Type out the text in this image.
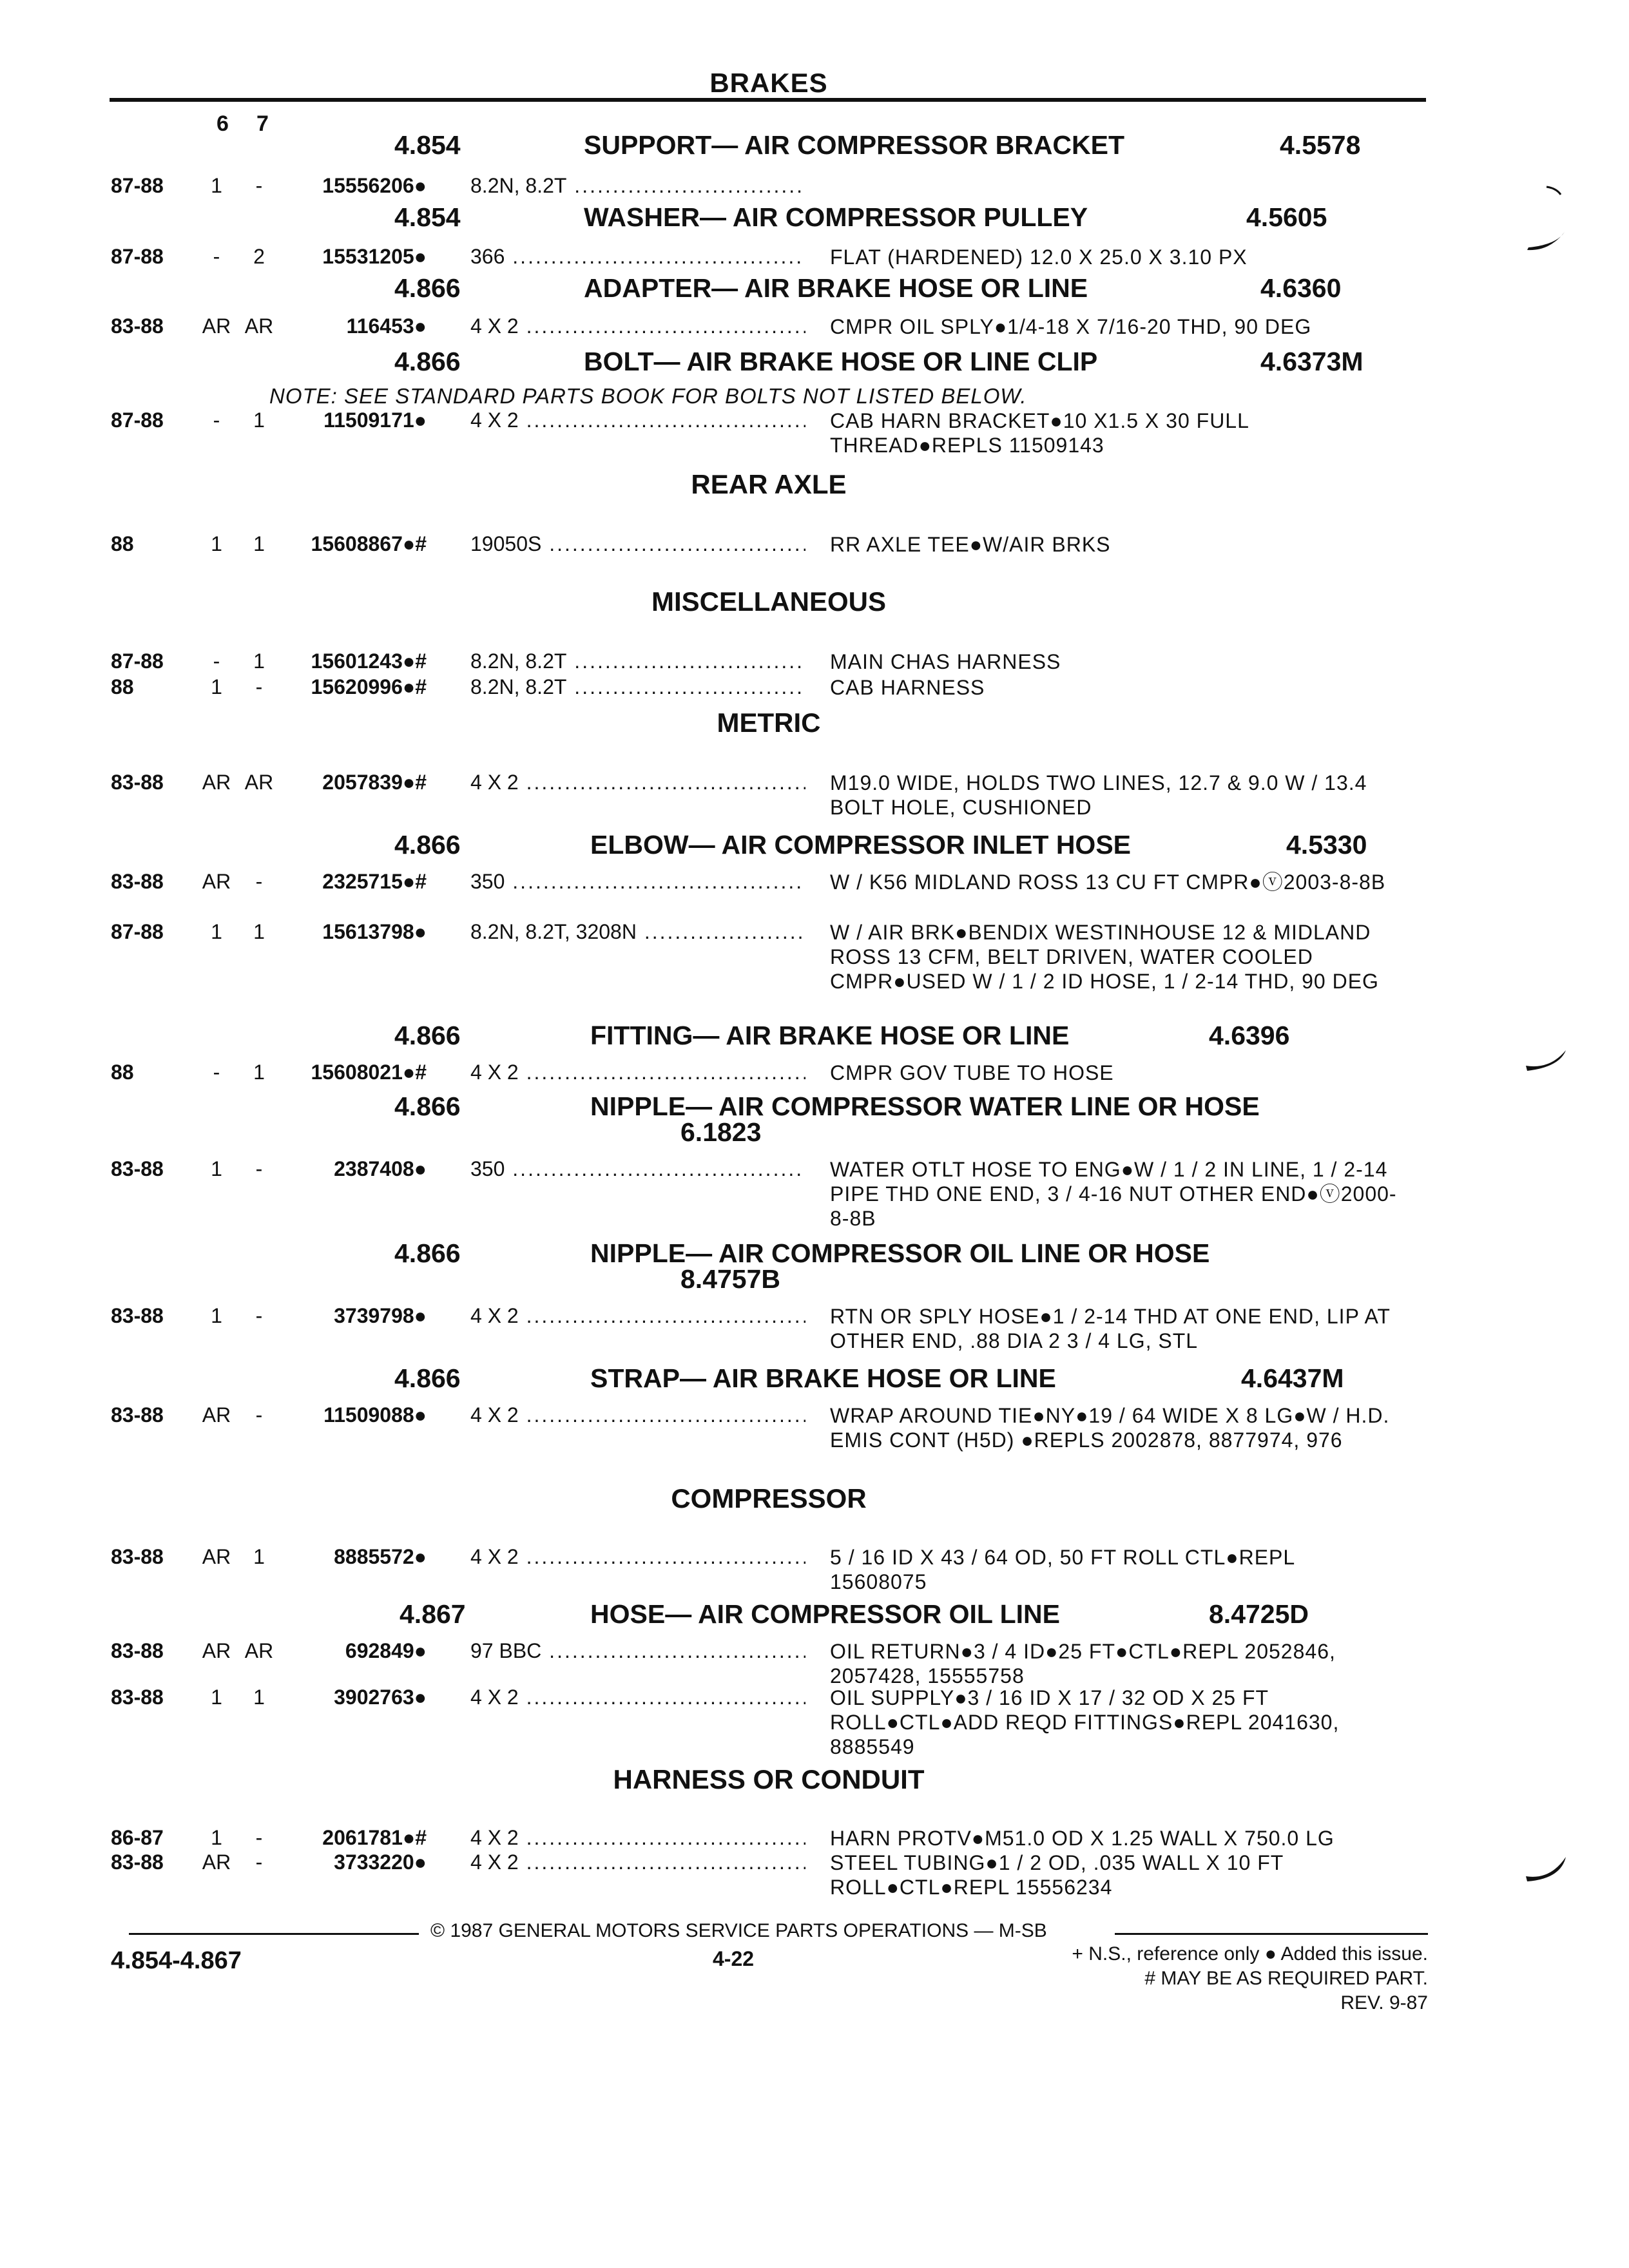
BRAKES
6 7
4.854	SUPPORT— AIR COMPRESSOR BRACKET	4.5578
87-88	1	-	15556206● 8.2N, 8.2T .....
4.854	WASHER— AIR COMPRESSOR PULLEY	4.5605
87-88	-	2	15531205● 366 .....	FLAT (HARDENED) 12.0 X 25.0 X 3.10 PX
4.866	ADAPTER— AIR BRAKE HOSE OR LINE	4.6360
83-88 AR AR	116453● 4 X 2 .....	CMPR OIL SPLY●1/4-18 X 7/16-20 THD, 90 DEG
4.866	BOLT— AIR BRAKE HOSE OR LINE CLIP	4.6373M
NOTE: SEE STANDARD PARTS BOOK FOR BOLTS NOT LISTED BELOW.
87-88	-	1	11509171● 4 X 2 .....	CAB HARN BRACKET●10 X1.5 X 30 FULL THREAD●REPLS 11509143
REAR AXLE
88	1	1	15608867●# 19050S .....	RR AXLE TEE●W/AIR BRKS
MISCELLANEOUS
87-88	-	1	15601243●# 8.2N, 8.2T .....	MAIN CHAS HARNESS
88	1	-	15620996●# 8.2N, 8.2T .....	CAB HARNESS
METRIC
83-88 AR AR	2057839●# 4 X 2 .....	M19.0 WIDE, HOLDS TWO LINES, 12.7 & 9.0 W / 13.4 BOLT HOLE, CUSHIONED
4.866	ELBOW— AIR COMPRESSOR INLET HOSE	4.5330
83-88 AR	-	2325715●# 350 .....	W / K56 MIDLAND ROSS 13 CU FT CMPR●ⓥ2003-8-8B
87-88	1	1	15613798● 8.2N, 8.2T, 3208N .....	W / AIR BRK●BENDIX WESTINHOUSE 12 & MIDLAND ROSS 13 CFM, BELT DRIVEN, WATER COOLED CMPR●USED W / 1 / 2 ID HOSE, 1 / 2-14 THD, 90 DEG
4.866	FITTING— AIR BRAKE HOSE OR LINE	4.6396
88	-	1	15608021●# 4 X 2 .....	CMPR GOV TUBE TO HOSE
4.866	NIPPLE— AIR COMPRESSOR WATER LINE OR HOSE
6.1823
83-88	1	-	2387408● 350 .....	WATER OTLT HOSE TO ENG●W / 1 / 2 IN LINE, 1 / 2-14 PIPE THD ONE END, 3 / 4-16 NUT OTHER END●ⓥ2000-8-8B
4.866	NIPPLE— AIR COMPRESSOR OIL LINE OR HOSE
8.4757B
83-88	1	-	3739798● 4 X 2 .....	RTN OR SPLY HOSE●1 / 2-14 THD AT ONE END, LIP AT OTHER END, .88 DIA 2 3 / 4 LG, STL
4.866	STRAP— AIR BRAKE HOSE OR LINE	4.6437M
83-88 AR	-	11509088● 4 X 2 .....	WRAP AROUND TIE●NY●19 / 64 WIDE X 8 LG●W / H.D. EMIS CONT (H5D) ●REPLS 2002878, 8877974, 976
COMPRESSOR
83-88 AR	1	8885572● 4 X 2 .....	5 / 16 ID X 43 / 64 OD, 50 FT ROLL CTL●REPL 15608075
4.867	HOSE— AIR COMPRESSOR OIL LINE	8.4725D
83-88 AR AR	692849● 97 BBC .....	OIL RETURN●3 / 4 ID●25 FT●CTL●REPL 2052846, 2057428, 15555758
83-88	1	1	3902763● 4 X 2 .....	OIL SUPPLY●3 / 16 ID X 17 / 32 OD X 25 FT ROLL●CTL●ADD REQD FITTINGS●REPL 2041630, 8885549
HARNESS OR CONDUIT
86-87	1	-	2061781●# 4 X 2 .....	HARN PROTV●M51.0 OD X 1.25 WALL X 750.0 LG
83-88 AR	-	3733220● 4 X 2 .....	STEEL TUBING●1 / 2 OD, .035 WALL X 10 FT ROLL●CTL●REPL 15556234
© 1987 GENERAL MOTORS SERVICE PARTS OPERATIONS — M-SB
4.854-4.867	4-22	+ N.S., reference only ● Added this issue.
# MAY BE AS REQUIRED PART.
REV. 9-87
